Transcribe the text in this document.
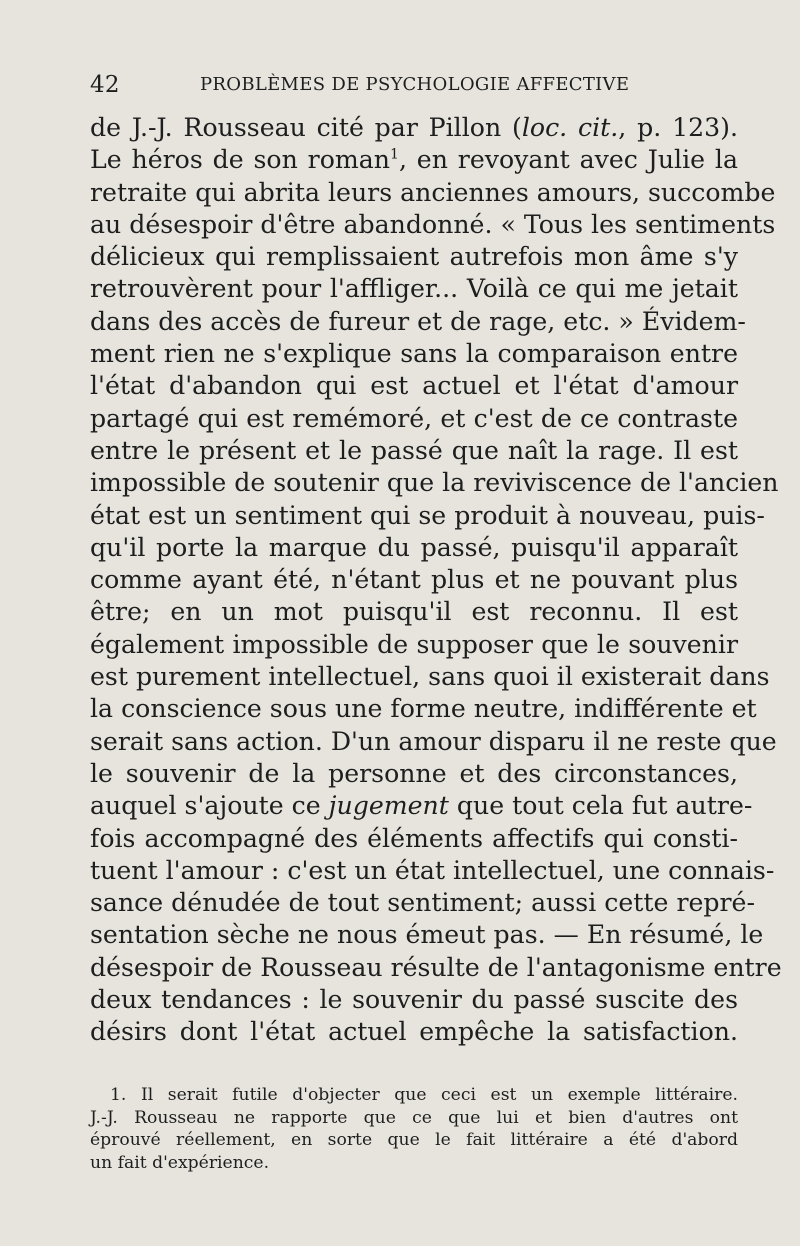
42	PROBLÈMES DE PSYCHOLOGIE AFFECTIVE
de J.-J. Rousseau cité par Pillon (loc. cit., p. 123).
Le héros de son roman$^1$, en revoyant avec Julie la
retraite qui abrita leurs anciennes amours, succombe
au désespoir d'être abandonné. « Tous les sentiments
délicieux qui remplissaient autrefois mon âme s'y
retrouvèrent pour l'affliger... Voilà ce qui me jetait
dans des accès de fureur et de rage, etc. » Évidem-
ment rien ne s'explique sans la comparaison entre
l'état d'abandon qui est actuel et l'état d'amour
partagé qui est remémoré, et c'est de ce contraste
entre le présent et le passé que naît la rage. Il est
impossible de soutenir que la reviviscence de l'ancien
état est un sentiment qui se produit à nouveau, puis-
qu'il porte la marque du passé, puisqu'il apparaît
comme ayant été, n'étant plus et ne pouvant plus
être; en un mot puisqu'il est reconnu. Il est
également impossible de supposer que le souvenir
est purement intellectuel, sans quoi il existerait dans
la conscience sous une forme neutre, indifférente et
serait sans action. D'un amour disparu il ne reste que
le souvenir de la personne et des circonstances,
auquel s'ajoute ce jugement que tout cela fut autre-
fois accompagné des éléments affectifs qui consti-
tuent l'amour : c'est un état intellectuel, une connais-
sance dénudée de tout sentiment; aussi cette repré-
sentation sèche ne nous émeut pas. — En résumé, le
désespoir de Rousseau résulte de l'antagonisme entre
deux tendances : le souvenir du passé suscite des
désirs dont l'état actuel empêche la satisfaction.
1. Il serait futile d'objecter que ceci est un exemple littéraire.
J.-J. Rousseau ne rapporte que ce que lui et bien d'autres ont
éprouvé réellement, en sorte que le fait littéraire a été d'abord
un fait d'expérience.
